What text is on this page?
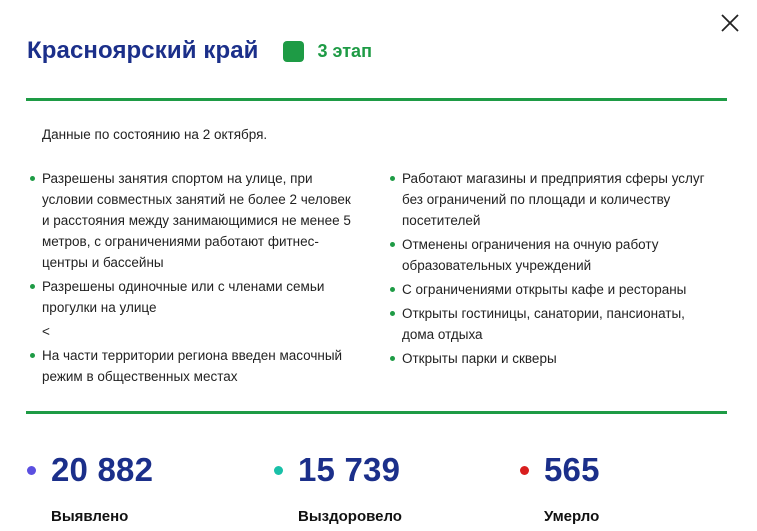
Красноярский край	3 этап
Данные по состоянию на 2 октября.
Разрешены занятия спортом на улице, при условии совместных занятий не более 2 человек и расстояния между занимающимися не менее 5 метров, с ограничениями работают фитнес-центры и бассейны
Разрешены одиночные или с членами семьи прогулки на улице
<
На части территории региона введен масочный режим в общественных местах
Работают магазины и предприятия сферы услуг без ограничений по площади и количеству посетителей
Отменены ограничения на очную работу образовательных учреждений
С ограничениями открыты кафе и рестораны
Открыты гостиницы, санатории, пансионаты, дома отдыха
Открыты парки и скверы
20 882
Выявлено
15 739
Выздоровело
565
Умерло
